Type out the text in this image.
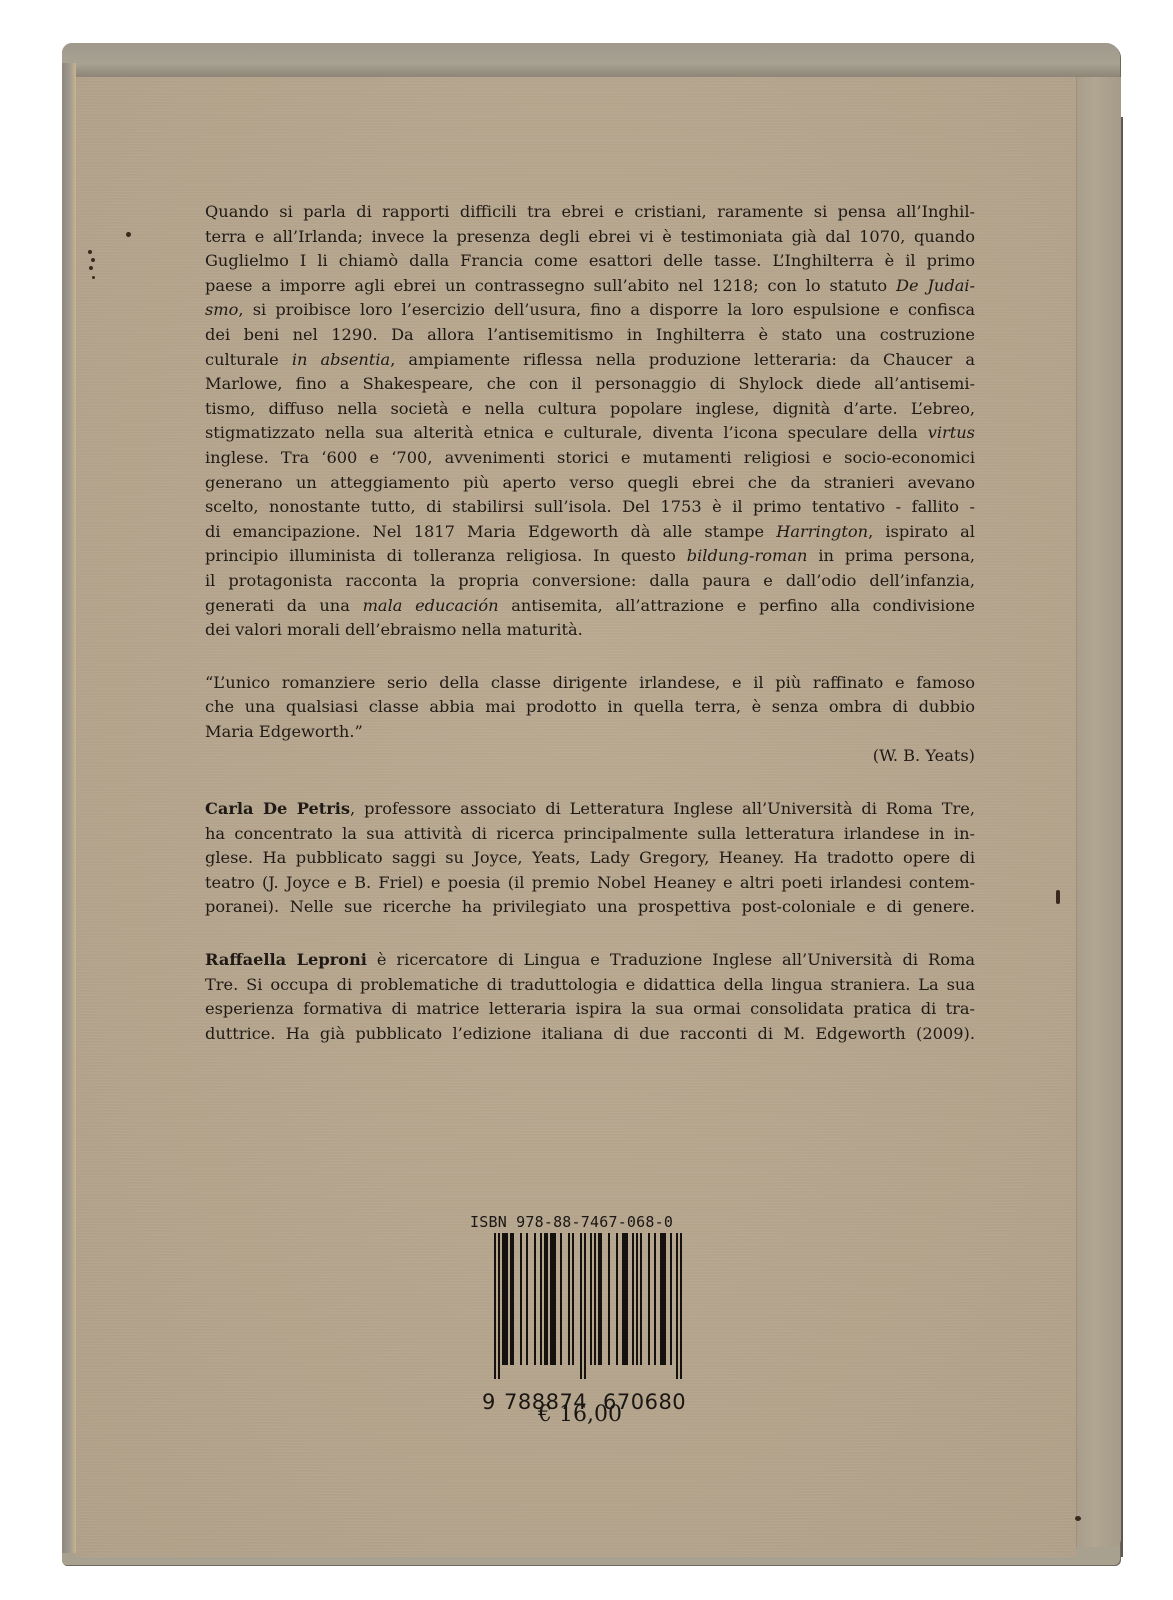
Quando si parla di rapporti difficili tra ebrei e cristiani, raramente si pensa all’Inghil-
terra e all’Irlanda; invece la presenza degli ebrei vi è testimoniata già dal 1070, quando
Guglielmo I li chiamò dalla Francia come esattori delle tasse. L’Inghilterra è il primo
paese a imporre agli ebrei un contrassegno sull’abito nel 1218; con lo statuto De Judai-
smo, si proibisce loro l’esercizio dell’usura, fino a disporre la loro espulsione e confisca
dei beni nel 1290. Da allora l’antisemitismo in Inghilterra è stato una costruzione
culturale in absentia, ampiamente riflessa nella produzione letteraria: da Chaucer a
Marlowe, fino a Shakespeare, che con il personaggio di Shylock diede all’antisemi-
tismo, diffuso nella società e nella cultura popolare inglese, dignità d’arte. L’ebreo,
stigmatizzato nella sua alterità etnica e culturale, diventa l’icona speculare della virtus
inglese. Tra ‘600 e ‘700, avvenimenti storici e mutamenti religiosi e socio-economici
generano un atteggiamento più aperto verso quegli ebrei che da stranieri avevano
scelto, nonostante tutto, di stabilirsi sull’isola. Del 1753 è il primo tentativo - fallito -
di emancipazione. Nel 1817 Maria Edgeworth dà alle stampe Harrington, ispirato al
principio illuminista di tolleranza religiosa. In questo bildung-roman in prima persona,
il protagonista racconta la propria conversione: dalla paura e dall’odio dell’infanzia,
generati da una mala educación antisemita, all’attrazione e perfino alla condivisione
dei valori morali dell’ebraismo nella maturità.

“L’unico romanziere serio della classe dirigente irlandese, e il più raffinato e famoso
che una qualsiasi classe abbia mai prodotto in quella terra, è senza ombra di dubbio
Maria Edgeworth.”
(W. B. Yeats)

Carla De Petris, professore associato di Letteratura Inglese all’Università di Roma Tre,
ha concentrato la sua attività di ricerca principalmente sulla letteratura irlandese in in-
glese. Ha pubblicato saggi su Joyce, Yeats, Lady Gregory, Heaney. Ha tradotto opere di
teatro (J. Joyce e B. Friel) e poesia (il premio Nobel Heaney e altri poeti irlandesi contem-
poranei). Nelle sue ricerche ha privilegiato una prospettiva post-coloniale e di genere.

Raffaella Leproni è ricercatore di Lingua e Traduzione Inglese all’Università di Roma
Tre. Si occupa di problematiche di traduttologia e didattica della lingua straniera. La sua
esperienza formativa di matrice letteraria ispira la sua ormai consolidata pratica di tra-
duttrice. Ha già pubblicato l’edizione italiana di due racconti di M. Edgeworth (2009).

ISBN 978-88-7467-068-0
9 788874 670680
€ 16,00
